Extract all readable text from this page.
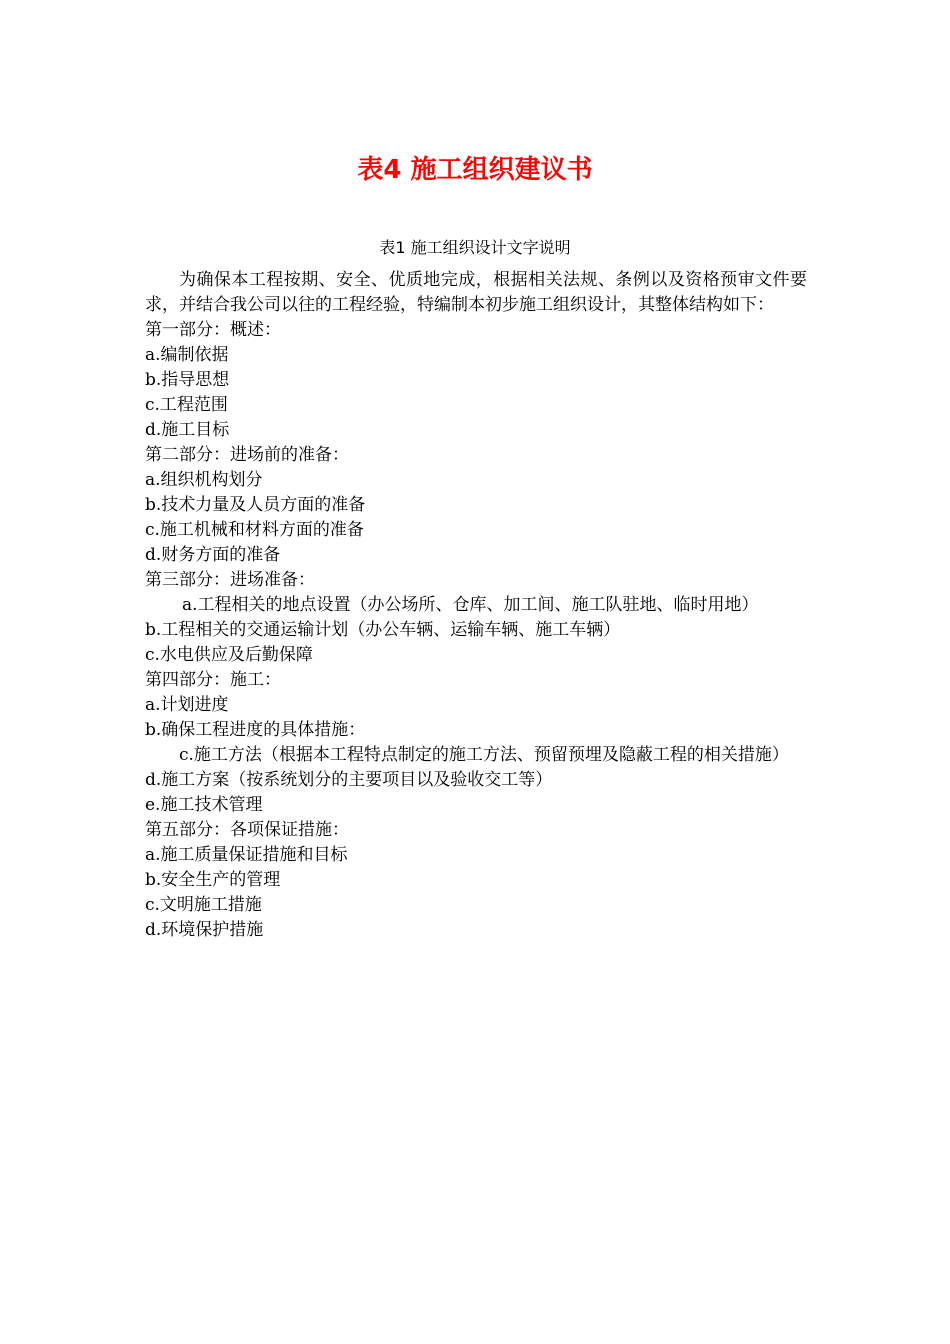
表4 施工组织建议书
表1 施工组织设计文字说明

为确保本工程按期、安全、优质地完成，根据相关法规、条例以及资格预审文件要求，并结合我公司以往的工程经验，特编制本初步施工组织设计，其整体结构如下：

第一部分：概述：

a.编制依据

b.指导思想

c.工程范围

d.施工目标

第二部分：进场前的准备：

a.组织机构划分

b.技术力量及人员方面的准备

c.施工机械和材料方面的准备

d.财务方面的准备

第三部分：进场准备：

a.工程相关的地点设置（办公场所、仓库、加工间、施工队驻地、临时用地）

b.工程相关的交通运输计划（办公车辆、运输车辆、施工车辆）

c.水电供应及后勤保障

第四部分：施工：

a.计划进度

b.确保工程进度的具体措施：

c.施工方法（根据本工程特点制定的施工方法、预留预埋及隐蔽工程的相关措施）

d.施工方案（按系统划分的主要项目以及验收交工等）

e.施工技术管理

第五部分：各项保证措施：

a.施工质量保证措施和目标

b.安全生产的管理

c.文明施工措施

d.环境保护措施
